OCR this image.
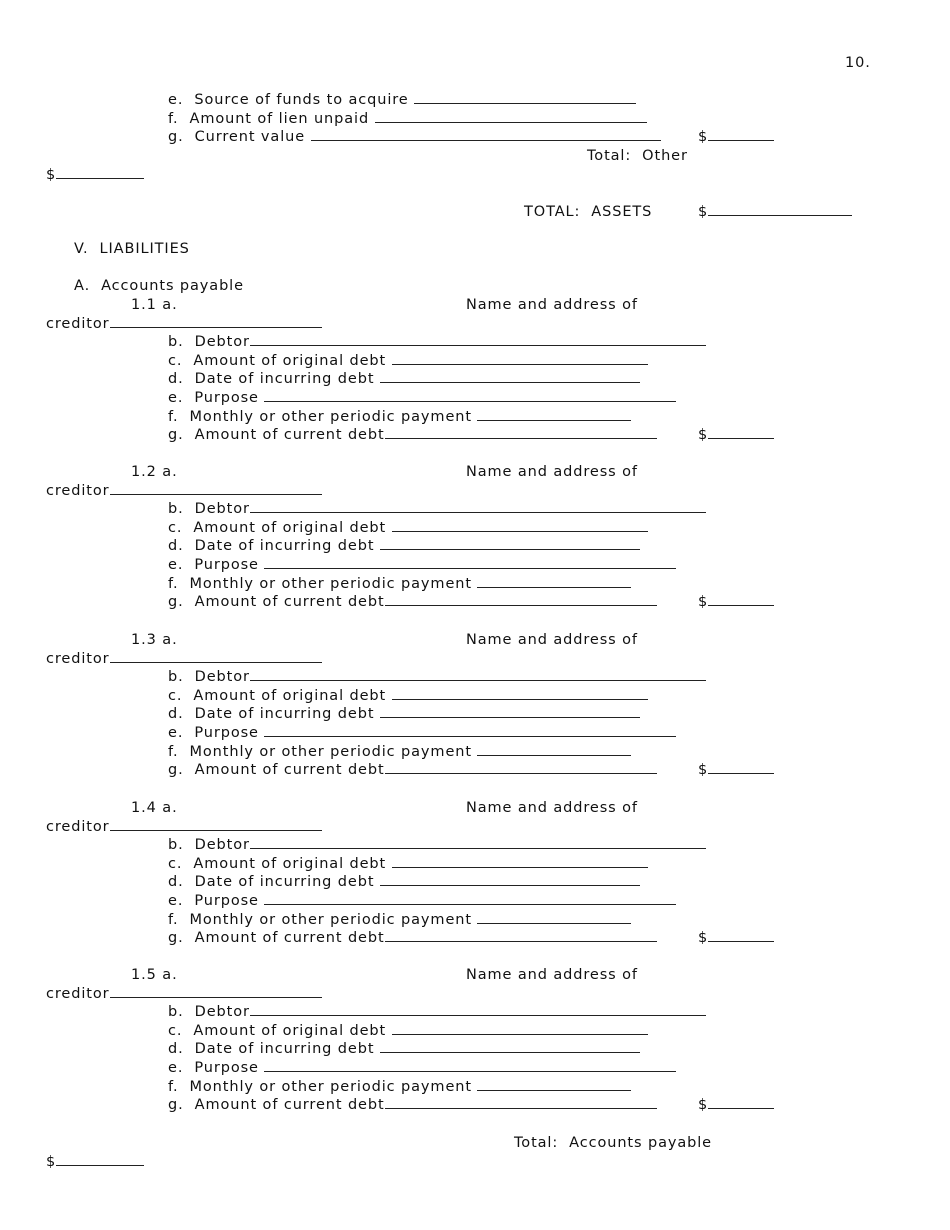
10.
e. Source of funds to acquire
f. Amount of lien unpaid
g. Current value	$
Total:  Other
$
TOTAL:  ASSETS	$
V. LIABILITIES
A. Accounts payable
1.1 a.	Name and address of
creditor
b. Debtor
c. Amount of original debt
d. Date of incurring debt
e. Purpose
f. Monthly or other periodic payment
g. Amount of current debt	$
1.2 a.	Name and address of
creditor
b. Debtor
c. Amount of original debt
d. Date of incurring debt
e. Purpose
f. Monthly or other periodic payment
g. Amount of current debt	$
1.3 a.	Name and address of
creditor
b. Debtor
c. Amount of original debt
d. Date of incurring debt
e. Purpose
f. Monthly or other periodic payment
g. Amount of current debt	$
1.4 a.	Name and address of
creditor
b. Debtor
c. Amount of original debt
d. Date of incurring debt
e. Purpose
f. Monthly or other periodic payment
g. Amount of current debt	$
1.5 a.	Name and address of
creditor
b. Debtor
c. Amount of original debt
d. Date of incurring debt
e. Purpose
f. Monthly or other periodic payment
g. Amount of current debt	$
Total:  Accounts payable
$
